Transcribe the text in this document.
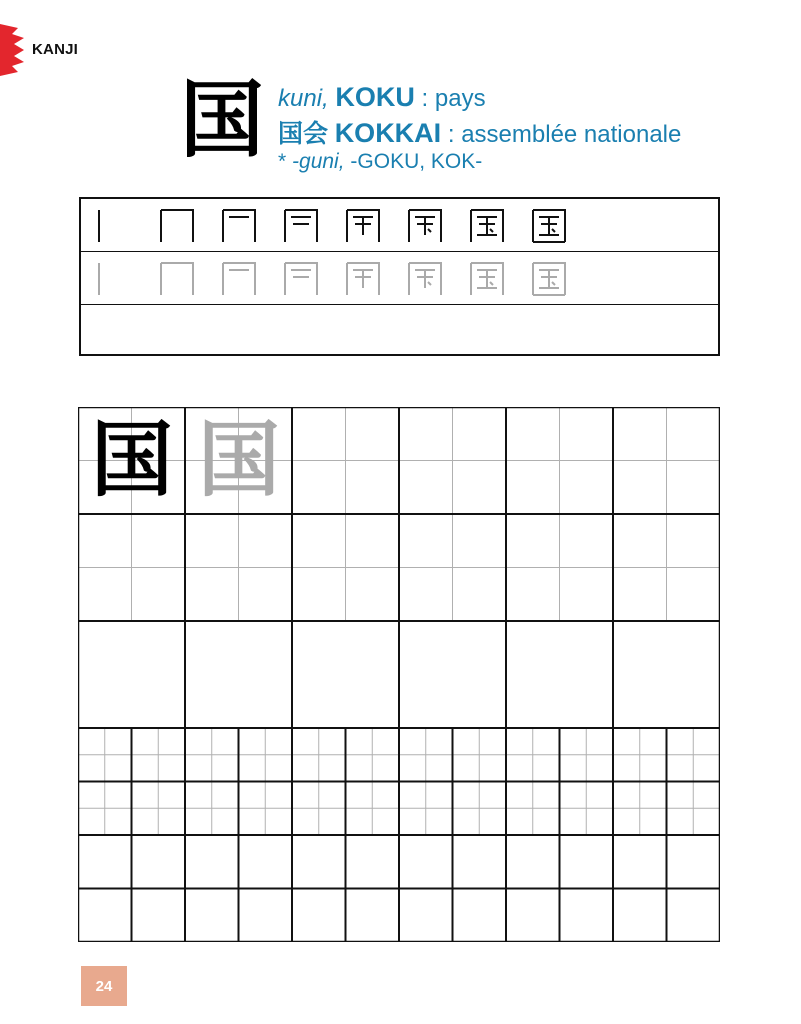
KANJI
国 kuni, KOKU : pays
国会 KOKKAI : assemblée nationale
* -guni, -GOKU, KOK-
国 国
24
